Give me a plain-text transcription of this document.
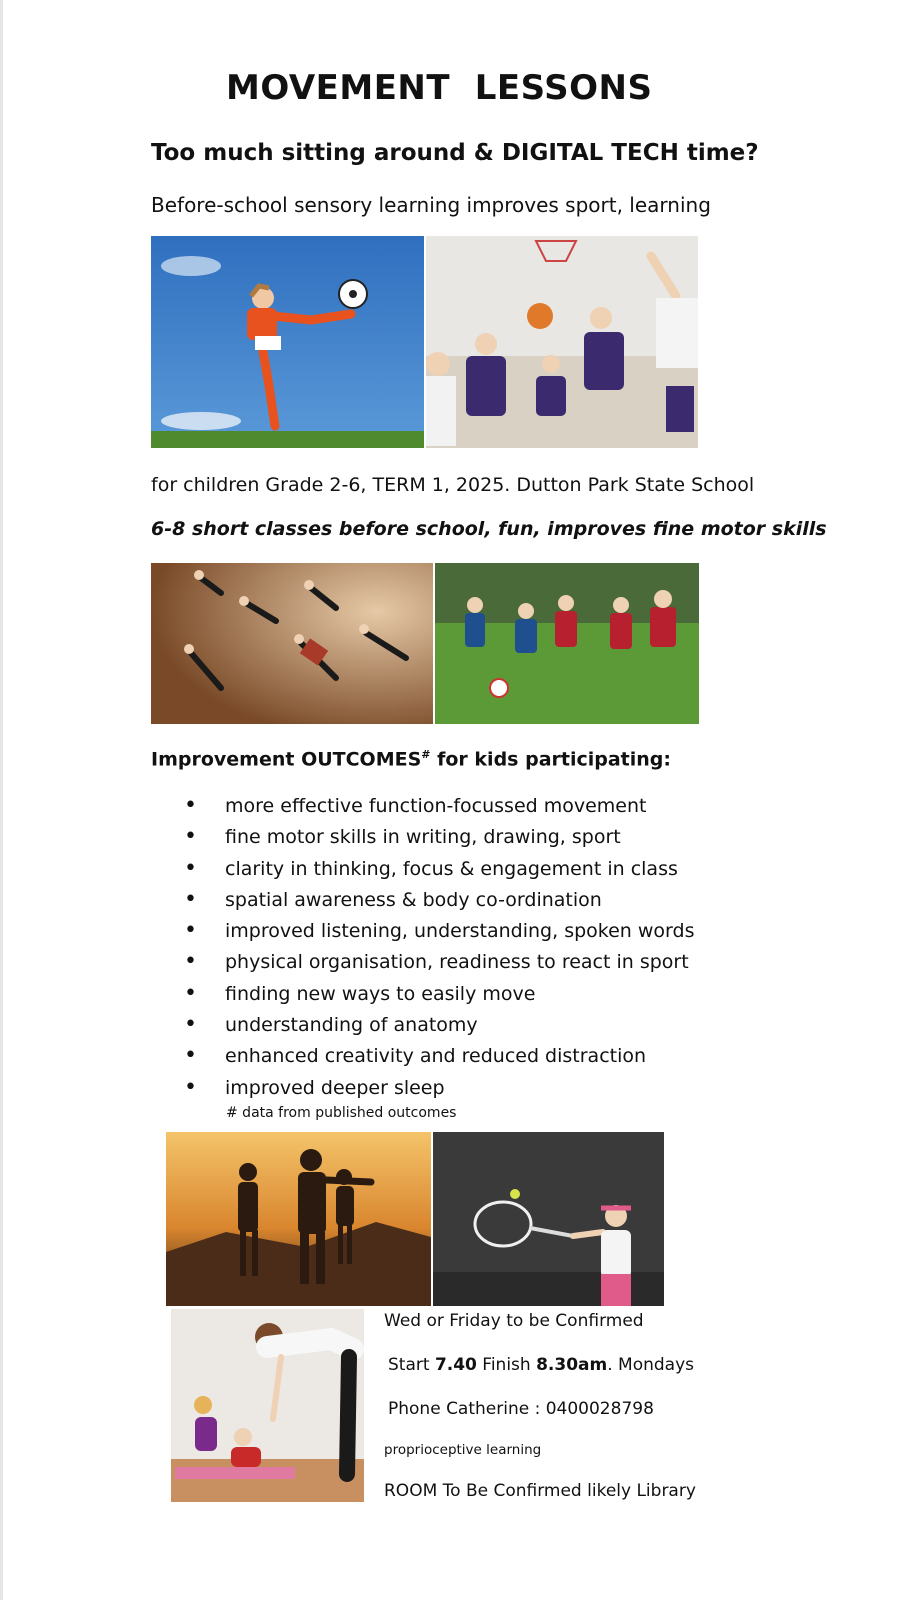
MOVEMENT  LESSONS
Too much sitting around & DIGITAL TECH time?
Before-school sensory learning improves sport, learning
for children Grade 2-6, TERM 1, 2025. Dutton Park State School
6-8 short classes before school, fun, improves fine motor skills
Improvement OUTCOMES# for kids participating:
• more effective function-focussed movement
• fine motor skills in writing, drawing, sport
• clarity in thinking, focus & engagement in class
• spatial awareness & body co-ordination
• improved listening, understanding, spoken words
• physical organisation, readiness to react in sport
• finding new ways to easily move
• understanding of anatomy
• enhanced creativity and reduced distraction
• improved deeper sleep
# data from published outcomes
Wed or Friday to be Confirmed
Start 7.40 Finish 8.30am. Mondays
Phone Catherine : 0400028798
proprioceptive learning
ROOM To Be Confirmed likely Library
